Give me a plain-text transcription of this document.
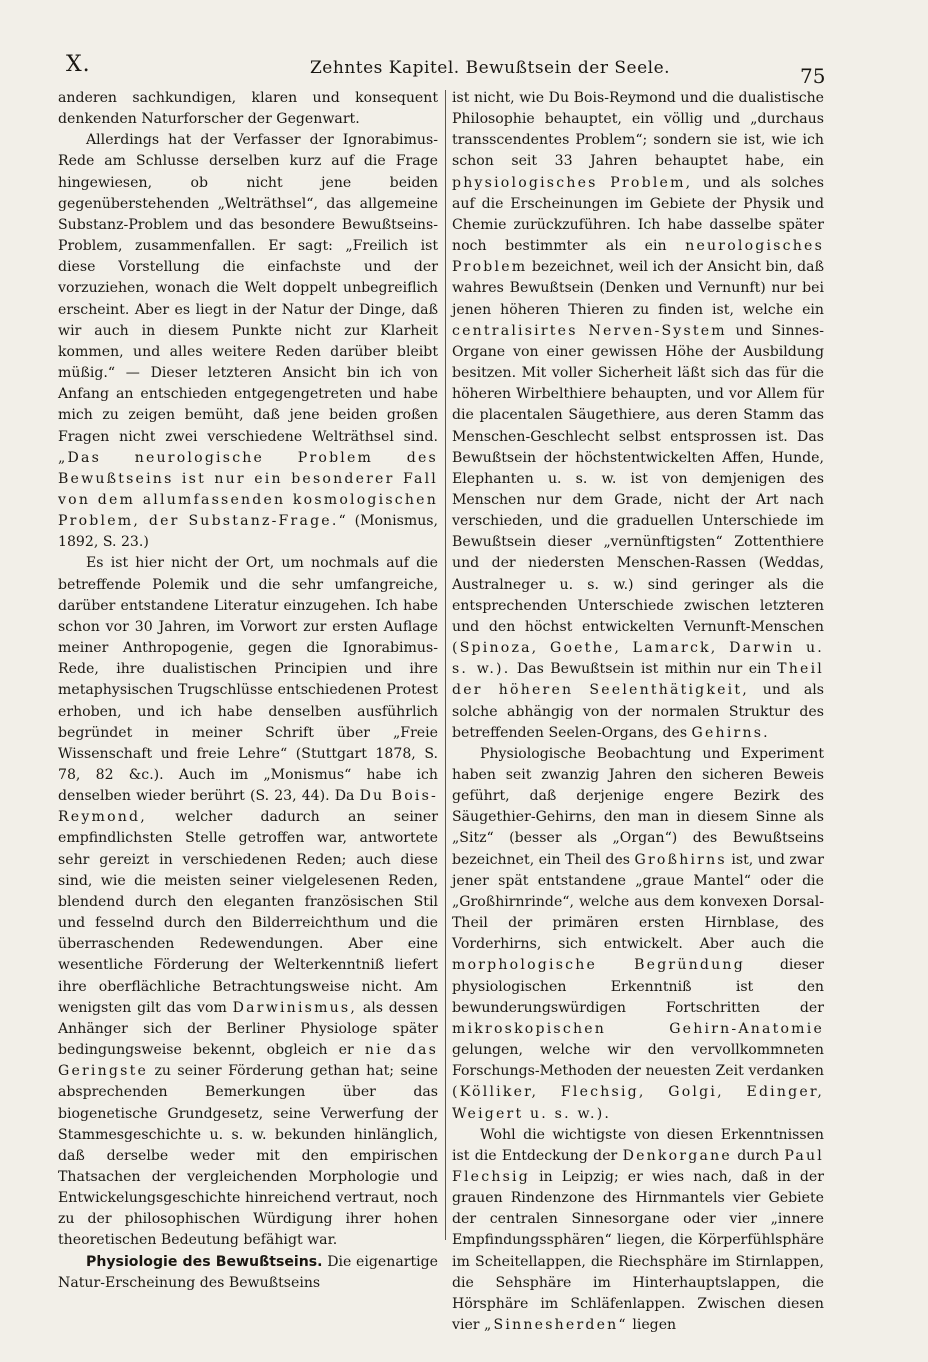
X.	Zehntes Kapitel. Bewußtsein der Seele.	75

anderen sachkundigen, klaren und konsequent denkenden Naturforscher der Gegenwart.

Allerdings hat der Verfasser der Ignorabimus-Rede am Schlusse derselben kurz auf die Frage hingewiesen, ob nicht jene beiden gegenüberstehenden „Welträthsel“, das allgemeine Substanz-Problem und das besondere Bewußtseins-Problem, zusammenfallen. Er sagt: „Freilich ist diese Vorstellung die einfachste und der vorzuziehen, wonach die Welt doppelt unbegreiflich erscheint. Aber es liegt in der Natur der Dinge, daß wir auch in diesem Punkte nicht zur Klarheit kommen, und alles weitere Reden darüber bleibt müßig.“ — Dieser letzteren Ansicht bin ich von Anfang an entschieden entgegengetreten und habe mich zu zeigen bemüht, daß jene beiden großen Fragen nicht zwei verschiedene Welträthsel sind. „Das neurologische Problem des Bewußtseins ist nur ein besonderer Fall von dem allumfassenden kosmologischen Problem, der Substanz-Frage.“ (Monismus, 1892, S. 23.)

Es ist hier nicht der Ort, um nochmals auf die betreffende Polemik und die sehr umfangreiche, darüber entstandene Literatur einzugehen. Ich habe schon vor 30 Jahren, im Vorwort zur ersten Auflage meiner Anthropogenie, gegen die Ignorabimus-Rede, ihre dualistischen Principien und ihre metaphysischen Trugschlüsse entschiedenen Protest erhoben, und ich habe denselben ausführlich begründet in meiner Schrift über „Freie Wissenschaft und freie Lehre“ (Stuttgart 1878, S. 78, 82 &c.). Auch im „Monismus“ habe ich denselben wieder berührt (S. 23, 44). Da Du Bois-Reymond, welcher dadurch an seiner empfindlichsten Stelle getroffen war, antwortete sehr gereizt in verschiedenen Reden; auch diese sind, wie die meisten seiner vielgelesenen Reden, blendend durch den eleganten französischen Stil und fesselnd durch den Bilderreichthum und die überraschenden Redewendungen. Aber eine wesentliche Förderung der Welterkenntniß liefert ihre oberflächliche Betrachtungsweise nicht. Am wenigsten gilt das vom Darwinismus, als dessen Anhänger sich der Berliner Physiologe später bedingungsweise bekennt, obgleich er nie das Geringste zu seiner Förderung gethan hat; seine absprechenden Bemerkungen über das biogenetische Grundgesetz, seine Verwerfung der Stammesgeschichte u. s. w. bekunden hinlänglich, daß derselbe weder mit den empirischen Thatsachen der vergleichenden Morphologie und Entwickelungsgeschichte hinreichend vertraut, noch zu der philosophischen Würdigung ihrer hohen theoretischen Bedeutung befähigt war.

Physiologie des Bewußtseins. Die eigenartige Natur-Erscheinung des Bewußtseins

ist nicht, wie Du Bois-Reymond und die dualistische Philosophie behauptet, ein völlig und „durchaus transscendentes Problem“; sondern sie ist, wie ich schon seit 33 Jahren behauptet habe, ein physiologisches Problem, und als solches auf die Erscheinungen im Gebiete der Physik und Chemie zurückzuführen. Ich habe dasselbe später noch bestimmter als ein neurologisches Problem bezeichnet, weil ich der Ansicht bin, daß wahres Bewußtsein (Denken und Vernunft) nur bei jenen höheren Thieren zu finden ist, welche ein centralisirtes Nerven-System und Sinnes-Organe von einer gewissen Höhe der Ausbildung besitzen. Mit voller Sicherheit läßt sich das für die höheren Wirbelthiere behaupten, und vor Allem für die placentalen Säugethiere, aus deren Stamm das Menschen-Geschlecht selbst entsprossen ist. Das Bewußtsein der höchstentwickelten Affen, Hunde, Elephanten u. s. w. ist von demjenigen des Menschen nur dem Grade, nicht der Art nach verschieden, und die graduellen Unterschiede im Bewußtsein dieser „vernünftigsten“ Zottenthiere und der niedersten Menschen-Rassen (Weddas, Australneger u. s. w.) sind geringer als die entsprechenden Unterschiede zwischen letzteren und den höchst entwickelten Vernunft-Menschen (Spinoza, Goethe, Lamarck, Darwin u. s. w.). Das Bewußtsein ist mithin nur ein Theil der höheren Seelenthätigkeit, und als solche abhängig von der normalen Struktur des betreffenden Seelen-Organs, des Gehirns.

Physiologische Beobachtung und Experiment haben seit zwanzig Jahren den sicheren Beweis geführt, daß derjenige engere Bezirk des Säugethier-Gehirns, den man in diesem Sinne als „Sitz“ (besser als „Organ“) des Bewußtseins bezeichnet, ein Theil des Großhirns ist, und zwar jener spät entstandene „graue Mantel“ oder die „Großhirnrinde“, welche aus dem konvexen Dorsal-Theil der primären ersten Hirnblase, des Vorderhirns, sich entwickelt. Aber auch die morphologische Begründung dieser physiologischen Erkenntniß ist den bewunderungswürdigen Fortschritten der mikroskopischen Gehirn-Anatomie gelungen, welche wir den vervollkommneten Forschungs-Methoden der neuesten Zeit verdanken (Kölliker, Flechsig, Golgi, Edinger, Weigert u. s. w.).

Wohl die wichtigste von diesen Erkenntnissen ist die Entdeckung der Denkorgane durch Paul Flechsig in Leipzig; er wies nach, daß in der grauen Rindenzone des Hirnmantels vier Gebiete der centralen Sinnesorgane oder vier „innere Empfindungssphären“ liegen, die Körperfühlsphäre im Scheitellappen, die Riechsphäre im Stirnlappen, die Sehsphäre im Hinterhauptslappen, die Hörsphäre im Schläfenlappen. Zwischen diesen vier „Sinnesherden“ liegen
